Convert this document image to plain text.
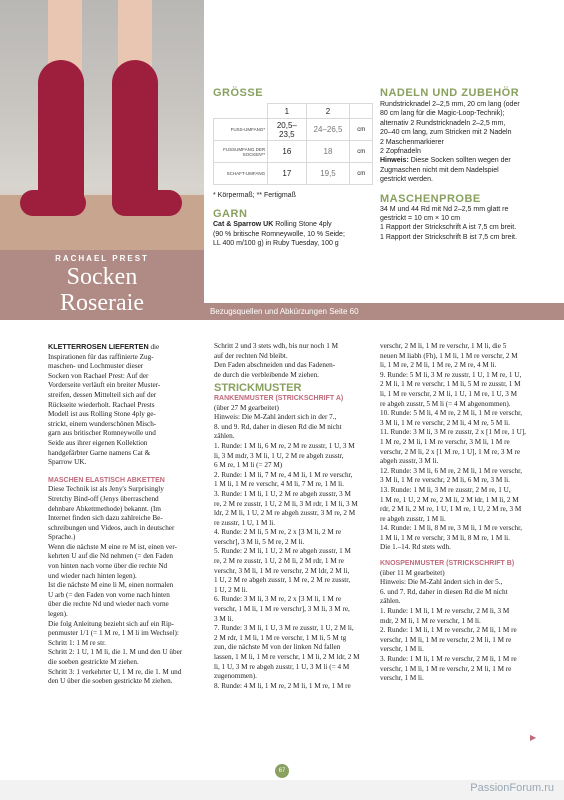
RACHAEL PREST
Socken
Roseraie	Bezugsquellen und Abkürzungen Seite 60
GRÖSSE
	1	2	
FUSS-UMFANG*	20,5–23,5	24–26,5	cm
FUSSUMFANG DER SOCKEN**	16	18	cm
SCHAFT-UMFANG	17	19,5	cm
* Körpermaß; ** Fertigmaß
GARN
Cat & Sparrow UK Rolling Stone 4ply
(90 % britische Romneywolle, 10 % Seide;
LL 400 m/100 g) in Ruby Tuesday, 100 g
NADELN UND ZUBEHÖR
Rundstricknadel 2–2,5 mm, 20 cm lang (oder
80 cm lang für die Magic-Loop-Technik);
alternativ 2 Rundstricknadeln 2–2,5 mm,
20–40 cm lang, zum Stricken mit 2 Nadeln
2 Maschenmarkierer
2 Zopfnadeln
Hinweis: Diese Socken sollten wegen der
Zugmaschen nicht mit dem Nadelspiel
gestrickt werden.
MASCHENPROBE
34 M und 44 Rd mit Nd 2–2,5 mm glatt re
gestrickt = 10 cm × 10 cm
1 Rapport der Strickschrift A ist 7,5 cm breit.
1 Rapport der Strickschrift B ist 7,5 cm breit.

KLETTERROSEN LIEFERTEN die

Inspirationen für das raffinierte Zug-

maschen- und Lochmuster dieser

Socken von Rachael Prest: Auf der

Vorderseite verläuft ein breiter Muster-

streifen, dessen Mittelteil sich auf der

Rückseite wiederholt. Rachael Prests

Modell ist aus Rolling Stone 4ply ge-

strickt, einem wunderschönen Misch-

garn aus britischer Romneywolle und

Seide aus ihrer eigenen Kollektion

handgefärbter Garne namens Cat &

Sparrow UK.

MASCHEN ELASTISCH ABKETTEN

Diese Technik ist als Jeny's Surprisingly

Stretchy Bind-off (Jenys überraschend

dehnbare Abkettmethode) bekannt. (Im

Internet finden sich dazu zahlreiche Be-

schreibungen und Videos, auch in deutscher

Sprache.)

Wenn die nächste M eine re M ist, einen ver-

kehrten U auf die Nd nehmen (= den Faden

von hinten nach vorne über die rechte Nd

und wieder nach hinten legen).

Ist die nächste M eine li M, einen normalen

U arb (= den Faden von vorne nach hinten

über die rechte Nd und wieder nach vorne

legen).

Die folg Anleitung bezieht sich auf ein Rip-

penmuster 1/1 (= 1 M re, 1 M li im Wechsel):

Schritt 1: 1 M re str.

Schritt 2: 1 U, 1 M li, die 1. M und den U über

die soeben gestrickte M ziehen.

Schritt 3: 1 verkehrter U, 1 M re, die 1. M und

den U über die soeben gestrickte M ziehen.

Schritt 2 und 3 stets wdh, bis nur noch 1 M

auf der rechten Nd bleibt.

Den Faden abschneiden und das Fadenen-

de durch die verbleibende M ziehen.

STRICKMUSTER

RANKENMUSTER (STRICKSCHRIFT A)

(über 27 M gearbeitet)

Hinweis: Die M-Zahl ändert sich in der 7.,

8. und 9. Rd, daher in diesen Rd die M nicht

zählen.

1. Runde: 1 M li, 6 M re, 2 M re zusstr, 1 U, 3 M

li, 3 M mdr, 3 M li, 1 U, 2 M re abgeh zusstr,

6 M re, 1 M li (= 27 M)

2. Runde: 1 M li, 7 M re, 4 M li, 1 M re verschr,

1 M li, 1 M re verschr, 4 M li, 7 M re, 1 M li.

3. Runde: 1 M li, 1 U, 2 M re abgeh zusstr, 3 M

re, 2 M re zusstr, 1 U, 2 M li, 3 M rdr, 1 M li, 3 M

ldr, 2 M li, 1 U, 2 M re abgeh zusstr, 3 M re, 2 M

re zusstr, 1 U, 1 M li.

4. Runde: 2 M li, 5 M re, 2 x [3 M li, 2 M re

verschr], 3 M li, 5 M re, 2 M li.

5. Runde: 2 M li, 1 U, 2 M re abgeh zusstr, 1 M

re, 2 M re zusstr, 1 U, 2 M li, 2 M rdr, 1 M re

verschr, 3 M li, 1 M re verschr, 2 M ldr, 2 M li,

1 U, 2 M re abgeh zusstr, 1 M re, 2 M re zusstr,

1 U, 2 M li.

6. Runde: 3 M li, 3 M re, 2 x [3 M li, 1 M re

verschr, 1 M li, 1 M re verschr], 3 M li, 3 M re,

3 M li.

7. Runde: 3 M li, 1 U, 3 M re zusstr, 1 U, 2 M li,

2 M rdr, 1 M li, 1 M re verschr, 1 M li, 5 M tg

zun, die nächste M von der linken Nd fallen

lassen, 1 M li, 1 M re verschr, 1 M li, 2 M ldr, 2 M

li, 1 U, 3 M re abgeh zusstr, 1 U, 3 M li (= 4 M

zugenommen).

8. Runde: 4 M li, 1 M re, 2 M li, 1 M re, 1 M re

verschr, 2 M li, 1 M re verschr, 1 M li, die 5

neuen M liabh (Fh), 1 M li, 1 M re verschr, 2 M

li, 1 M re, 2 M li, 1 M re, 2 M re, 4 M li.

9. Runde: 5 M li, 3 M re zusstr, 1 U, 1 M re, 1 U,

2 M li, 1 M re verschr, 1 M li, 5 M re zusstr, 1 M

li, 1 M re verschr, 2 M li, 1 U, 1 M re, 1 U, 3 M

re abgeh zusstr, 5 M li (= 4 M abgenommen).

10. Runde: 5 M li, 4 M re, 2 M li, 1 M re verschr,

3 M li, 1 M re verschr, 2 M li, 4 M re, 5 M li.

11. Runde: 3 M li, 3 M re zusstr, 2 x [1 M re, 1 U],

1 M re, 2 M li, 1 M re verschr, 3 M li, 1 M re

verschr, 2 M li, 2 x [1 M re, 1 U], 1 M re, 3 M re

abgeh zusstr, 3 M li.

12. Runde: 3 M li, 6 M re, 2 M li, 1 M re verschr,

3 M li, 1 M re verschr, 2 M li, 6 M re, 3 M li.

13. Runde: 1 M li, 3 M re zusstr, 2 M re, 1 U,

1 M re, 1 U, 2 M re, 2 M li, 2 M ldr, 1 M li, 2 M

rdr, 2 M li, 2 M re, 1 U, 1 M re, 1 U, 2 M re, 3 M

re abgeh zusstr, 1 M li.

14. Runde: 1 M li, 8 M re, 3 M li, 1 M re verschr,

1 M li, 1 M re verschr, 3 M li, 8 M re, 1 M li.

Die 1.–14. Rd stets wdh.

KNOSPENMUSTER (STRICKSCHRIFT B)

(über 11 M gearbeitet)

Hinweis: Die M-Zahl ändert sich in der 5.,

6. und 7. Rd, daher in diesen Rd die M nicht

zählen.

1. Runde: 1 M li, 1 M re verschr, 2 M li, 3 M

mdr, 2 M li, 1 M re verschr, 1 M li.

2. Runde: 1 M li, 1 M re verschr, 2 M li, 1 M re

verschr, 1 M li, 1 M re verschr, 2 M li, 1 M re

verschr, 1 M li.

3. Runde: 1 M li, 1 M re verschr, 2 M li, 1 M re

verschr, 1 M li, 1 M re verschr, 2 M li, 1 M re

verschr, 1 M li.

▶
67
PassionForum.ru
